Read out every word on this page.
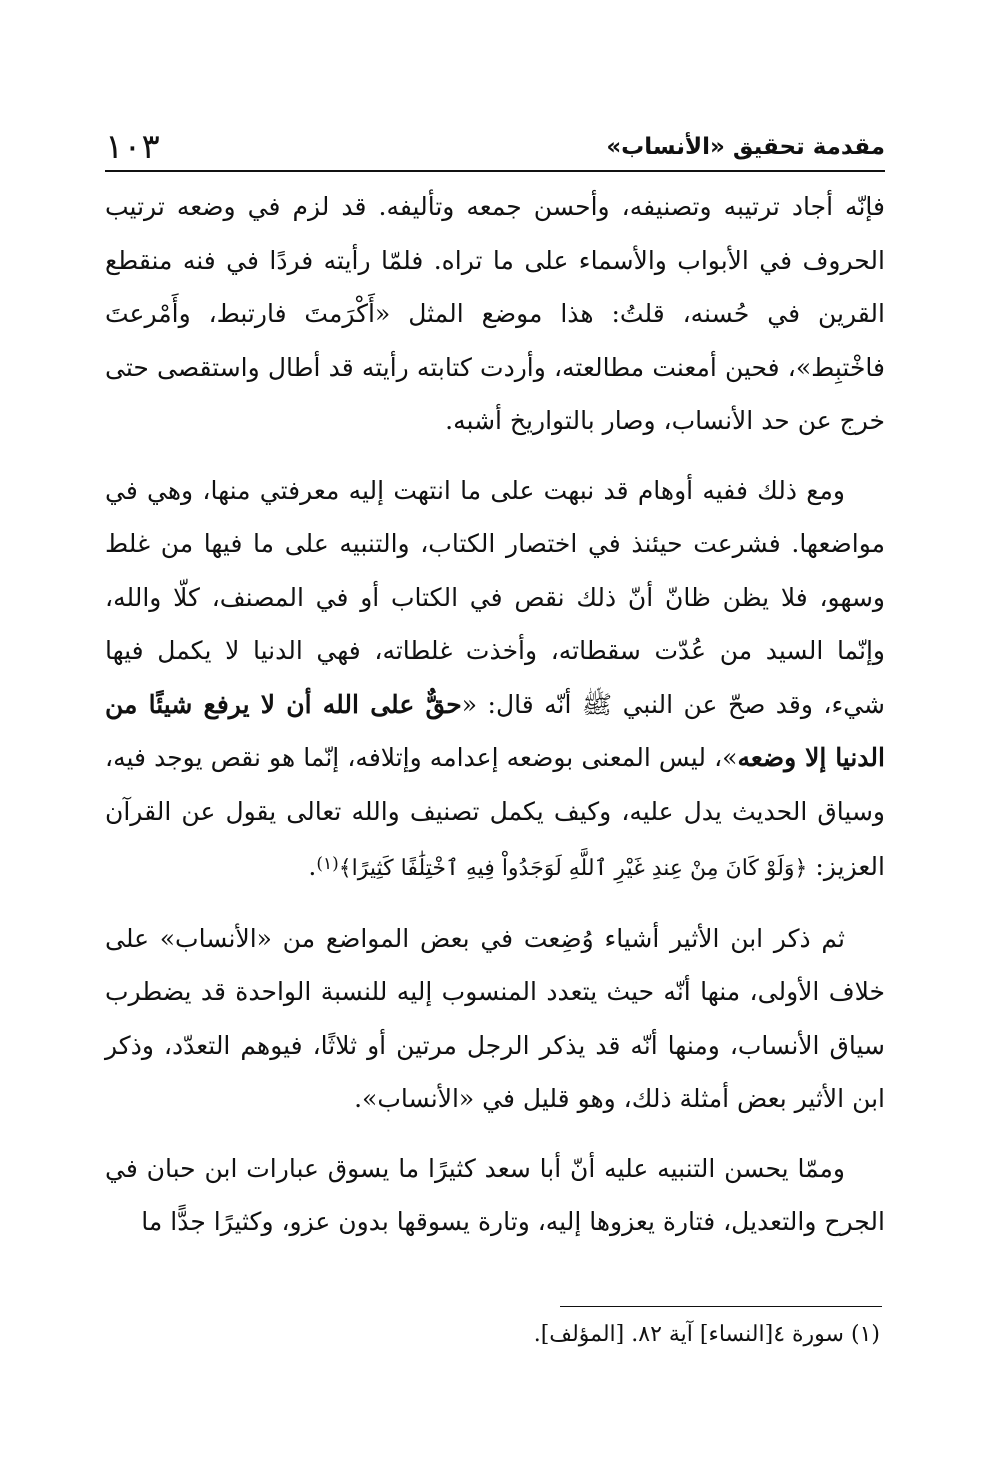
مقدمة تحقيق «الأنساب»
١٠٣

فإنّه أجاد ترتيبه وتصنيفه، وأحسن جمعه وتأليفه. قد لزم في وضعه ترتيب الحروف في الأبواب والأسماء على ما تراه. فلمّا رأيته فردًا في فنه منقطع القرين في حُسنه، قلتُ: هذا موضع المثل «أَكْرَمتَ فارتبط، وأَمْرعتَ فاخْتبِط»، فحين أمعنت مطالعته، وأردت كتابته رأيته قد أطال واستقصى حتى خرج عن حد الأنساب، وصار بالتواريخ أشبه.

ومع ذلك ففيه أوهام قد نبهت على ما انتهت إليه معرفتي منها، وهي في مواضعها. فشرعت حيئنذ في اختصار الكتاب، والتنبيه على ما فيها من غلط وسهو، فلا يظن ظانّ أنّ ذلك نقص في الكتاب أو في المصنف، كلّا والله، وإنّما السيد من عُدّت سقطاته، وأخذت غلطاته، فهي الدنيا لا يكمل فيها شيء، وقد صحّ عن النبي ﷺ أنّه قال: «حقٌّ على الله أن لا يرفع شيئًا من الدنيا إلا وضعه»، ليس المعنى بوضعه إعدامه وإتلافه، إنّما هو نقص يوجد فيه، وسياق الحديث يدل عليه، وكيف يكمل تصنيف والله تعالى يقول عن القرآن العزيز: ﴿وَلَوْ كَانَ مِنْ عِندِ غَيْرِ ٱللَّهِ لَوَجَدُواْ فِيهِ ٱخْتِلَٰفًا كَثِيرًا﴾$^{(١)}$.

ثم ذكر ابن الأثير أشياء وُضِعت في بعض المواضع من «الأنساب» على خلاف الأولى، منها أنّه حيث يتعدد المنسوب إليه للنسبة الواحدة قد يضطرب سياق الأنساب، ومنها أنّه قد يذكر الرجل مرتين أو ثلاثًا، فيوهم التعدّد، وذكر ابن الأثير بعض أمثلة ذلك، وهو قليل في «الأنساب».

وممّا يحسن التنبيه عليه أنّ أبا سعد كثيرًا ما يسوق عبارات ابن حبان في الجرح والتعديل، فتارة يعزوها إليه، وتارة يسوقها بدون عزو، وكثيرًا جدًّا ما

(١) سورة ٤[النساء] آية ٨٢. [المؤلف].
